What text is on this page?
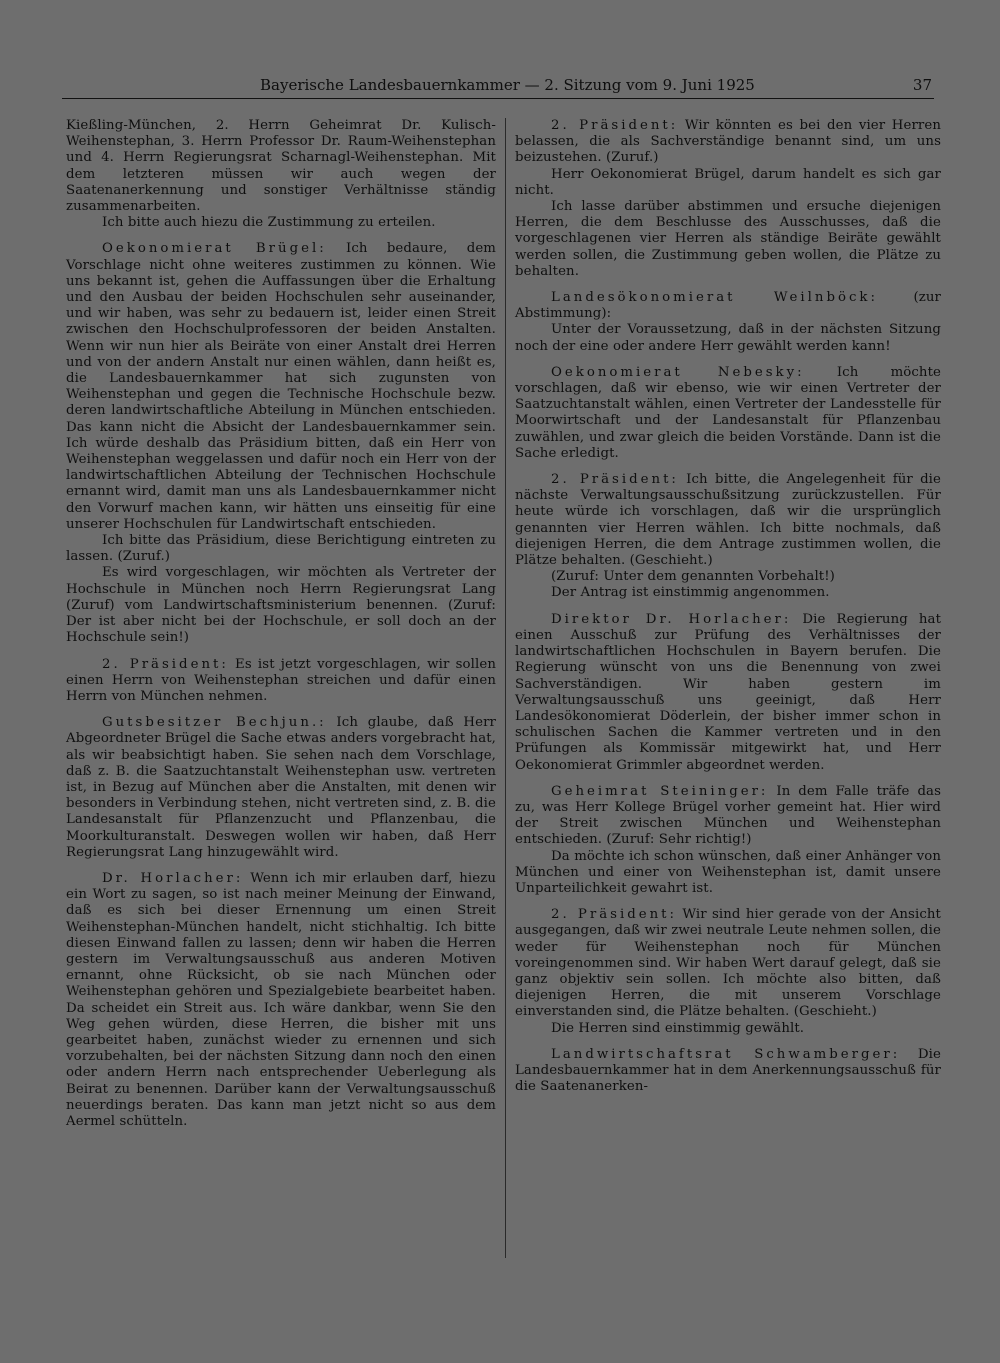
Bayerische Landesbauernkammer — 2. Sitzung vom 9. Juni 1925	37

Kießling-München, 2. Herrn Geheimrat Dr. Kulisch-Weihenstephan, 3. Herrn Professor Dr. Raum-Weihenstephan und 4. Herrn Regierungsrat Scharnagl-Weihenstephan. Mit dem letzteren müssen wir auch wegen der Saatenanerkennung und sonstiger Verhältnisse ständig zusammenarbeiten.

Ich bitte auch hiezu die Zustimmung zu erteilen.

Oekonomierat Brügel: Ich bedaure, dem Vorschlage nicht ohne weiteres zustimmen zu können. Wie uns bekannt ist, gehen die Auffassungen über die Erhaltung und den Ausbau der beiden Hochschulen sehr auseinander, und wir haben, was sehr zu bedauern ist, leider einen Streit zwischen den Hochschulprofessoren der beiden Anstalten. Wenn wir nun hier als Beiräte von einer Anstalt drei Herren und von der andern Anstalt nur einen wählen, dann heißt es, die Landesbauernkammer hat sich zugunsten von Weihenstephan und gegen die Technische Hochschule bezw. deren landwirtschaftliche Abteilung in München entschieden. Das kann nicht die Absicht der Landesbauernkammer sein. Ich würde deshalb das Präsidium bitten, daß ein Herr von Weihenstephan weggelassen und dafür noch ein Herr von der landwirtschaftlichen Abteilung der Technischen Hochschule ernannt wird, damit man uns als Landesbauernkammer nicht den Vorwurf machen kann, wir hätten uns einseitig für eine unserer Hochschulen für Landwirtschaft entschieden.

Ich bitte das Präsidium, diese Berichtigung eintreten zu lassen. (Zuruf.)

Es wird vorgeschlagen, wir möchten als Vertreter der Hochschule in München noch Herrn Regierungsrat Lang (Zuruf) vom Landwirtschaftsministerium benennen. (Zuruf: Der ist aber nicht bei der Hochschule, er soll doch an der Hochschule sein!)

2. Präsident: Es ist jetzt vorgeschlagen, wir sollen einen Herrn von Weihenstephan streichen und dafür einen Herrn von München nehmen.

Gutsbesitzer Bechjun.: Ich glaube, daß Herr Abgeordneter Brügel die Sache etwas anders vorgebracht hat, als wir beabsichtigt haben. Sie sehen nach dem Vorschlage, daß z. B. die Saatzuchtanstalt Weihenstephan usw. vertreten ist, in Bezug auf München aber die Anstalten, mit denen wir besonders in Verbindung stehen, nicht vertreten sind, z. B. die Landesanstalt für Pflanzenzucht und Pflanzenbau, die Moorkulturanstalt. Deswegen wollen wir haben, daß Herr Regierungsrat Lang hinzugewählt wird.

Dr. Horlacher: Wenn ich mir erlauben darf, hiezu ein Wort zu sagen, so ist nach meiner Meinung der Einwand, daß es sich bei dieser Ernennung um einen Streit Weihenstephan-München handelt, nicht stichhaltig. Ich bitte diesen Einwand fallen zu lassen; denn wir haben die Herren gestern im Verwaltungsausschuß aus anderen Motiven ernannt, ohne Rücksicht, ob sie nach München oder Weihenstephan gehören und Spezialgebiete bearbeitet haben. Da scheidet ein Streit aus. Ich wäre dankbar, wenn Sie den Weg gehen würden, diese Herren, die bisher mit uns gearbeitet haben, zunächst wieder zu ernennen und sich vorzubehalten, bei der nächsten Sitzung dann noch den einen oder andern Herrn nach entsprechender Ueberlegung als Beirat zu benennen. Darüber kann der Verwaltungsausschuß neuerdings beraten. Das kann man jetzt nicht so aus dem Aermel schütteln.

2. Präsident: Wir könnten es bei den vier Herren belassen, die als Sachverständige benannt sind, um uns beizustehen. (Zuruf.)

Herr Oekonomierat Brügel, darum handelt es sich gar nicht.

Ich lasse darüber abstimmen und ersuche diejenigen Herren, die dem Beschlusse des Ausschusses, daß die vorgeschlagenen vier Herren als ständige Beiräte gewählt werden sollen, die Zustimmung geben wollen, die Plätze zu behalten.

Landesökonomierat Weilnböck:	(zur Abstimmung):

Unter der Voraussetzung, daß in der nächsten Sitzung noch der eine oder andere Herr gewählt werden kann!

Oekonomierat Nebesky: Ich möchte vorschlagen, daß wir ebenso, wie wir einen Vertreter der Saatzuchtanstalt wählen, einen Vertreter der Landesstelle für Moorwirtschaft und der Landesanstalt für Pflanzenbau zuwählen, und zwar gleich die beiden Vorstände. Dann ist die Sache erledigt.

2. Präsident: Ich bitte, die Angelegenheit für die nächste Verwaltungsausschußsitzung zurückzustellen. Für heute würde ich vorschlagen, daß wir die ursprünglich genannten vier Herren wählen. Ich bitte nochmals, daß diejenigen Herren, die dem Antrage zustimmen wollen, die Plätze behalten. (Geschieht.)

(Zuruf: Unter dem genannten Vorbehalt!)

Der Antrag ist einstimmig angenommen.

Direktor Dr. Horlacher: Die Regierung hat einen Ausschuß zur Prüfung des Verhältnisses der landwirtschaftlichen Hochschulen in Bayern berufen. Die Regierung wünscht von uns die Benennung von zwei Sachverständigen. Wir haben gestern im Verwaltungsausschuß uns geeinigt, daß Herr Landesökonomierat Döderlein, der bisher immer schon in schulischen Sachen die Kammer vertreten und in den Prüfungen als Kommissär mitgewirkt hat, und Herr Oekonomierat Grimmler abgeordnet werden.

Geheimrat Steininger: In dem Falle träfe das zu, was Herr Kollege Brügel vorher gemeint hat. Hier wird der Streit zwischen München und Weihenstephan entschieden. (Zuruf: Sehr richtig!)

Da möchte ich schon wünschen, daß einer Anhänger von München und einer von Weihenstephan ist, damit unsere Unparteilichkeit gewahrt ist.

2. Präsident: Wir sind hier gerade von der Ansicht ausgegangen, daß wir zwei neutrale Leute nehmen sollen, die weder für Weihenstephan noch für München voreingenommen sind. Wir haben Wert darauf gelegt, daß sie ganz objektiv sein sollen. Ich möchte also bitten, daß diejenigen Herren, die mit unserem Vorschlage einverstanden sind, die Plätze behalten. (Geschieht.)

Die Herren sind einstimmig gewählt.

Landwirtschaftsrat Schwamberger: Die Landesbauernkammer hat in dem Anerkennungsausschuß für die Saatenanerken-
